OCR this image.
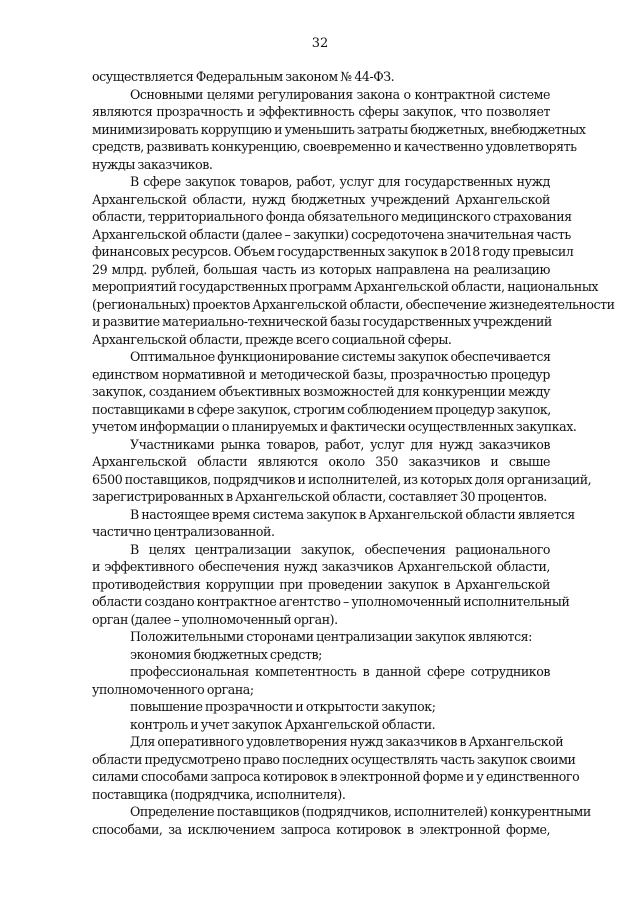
32
осуществляется Федеральным законом № 44-ФЗ.
Основными целями регулирования закона о контрактной системе
являются прозрачность и эффективность сферы закупок, что позволяет
минимизировать коррупцию и уменьшить затраты бюджетных, внебюджетных
средств, развивать конкуренцию, своевременно и качественно удовлетворять
нужды заказчиков.
В сфере закупок товаров, работ, услуг для государственных нужд
Архангельской области, нужд бюджетных учреждений Архангельской
области, территориального фонда обязательного медицинского страхования
Архангельской области (далее – закупки) сосредоточена значительная часть
финансовых ресурсов. Объем государственных закупок в 2018 году превысил
29 млрд. рублей, большая часть из которых направлена на реализацию
мероприятий государственных программ Архангельской области, национальных
(региональных) проектов Архангельской области, обеспечение жизнедеятельности
и развитие материально-технической базы государственных учреждений
Архангельской области, прежде всего социальной сферы.
Оптимальное функционирование системы закупок обеспечивается
единством нормативной и методической базы, прозрачностью процедур
закупок, созданием объективных возможностей для конкуренции между
поставщиками в сфере закупок, строгим соблюдением процедур закупок,
учетом информации о планируемых и фактически осуществленных закупках.
Участниками рынка товаров, работ, услуг для нужд заказчиков
Архангельской области являются около 350 заказчиков и свыше
6500 поставщиков, подрядчиков и исполнителей, из которых доля организаций,
зарегистрированных в Архангельской области, составляет 30 процентов.
В настоящее время система закупок в Архангельской области является
частично централизованной.
В целях централизации закупок, обеспечения рационального
и эффективного обеспечения нужд заказчиков Архангельской области,
противодействия коррупции при проведении закупок в Архангельской
области создано контрактное агентство – уполномоченный исполнительный
орган (далее – уполномоченный орган).
Положительными сторонами централизации закупок являются:
экономия бюджетных средств;
профессиональная компетентность в данной сфере сотрудников
уполномоченного органа;
повышение прозрачности и открытости закупок;
контроль и учет закупок Архангельской области.
Для оперативного удовлетворения нужд заказчиков в Архангельской
области предусмотрено право последних осуществлять часть закупок своими
силами способами запроса котировок в электронной форме и у единственного
поставщика (подрядчика, исполнителя).
Определение поставщиков (подрядчиков, исполнителей) конкурентными
способами, за исключением запроса котировок в электронной форме,
